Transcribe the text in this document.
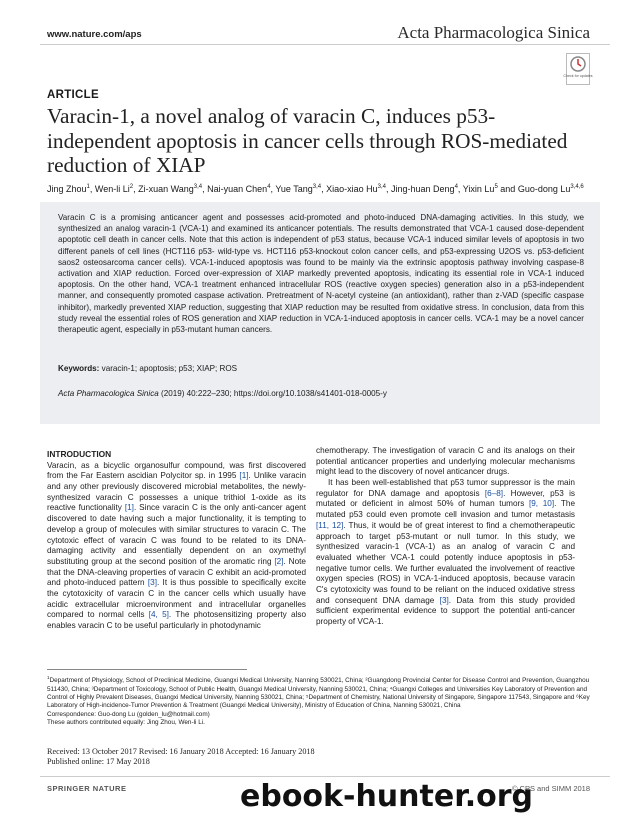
www.nature.com/aps	Acta Pharmacologica Sinica
Check for updates
ARTICLE
Varacin-1, a novel analog of varacin C, induces p53-independent apoptosis in cancer cells through ROS-mediated reduction of XIAP
Jing Zhou$^1$, Wen-li Li$^2$, Zi-xuan Wang$^{3,4}$, Nai-yuan Chen$^4$, Yue Tang$^{3,4}$, Xiao-xiao Hu$^{3,4}$, Jing-huan Deng$^4$, Yixin Lu$^5$ and Guo-dong Lu$^{3,4,6}$
Varacin C is a promising anticancer agent and possesses acid-promoted and photo-induced DNA-damaging activities. In this study, we synthesized an analog varacin-1 (VCA-1) and examined its anticancer potentials. The results demonstrated that VCA-1 caused dose-dependent apoptotic cell death in cancer cells. Note that this action is independent of p53 status, because VCA-1 induced similar levels of apoptosis in two different panels of cell lines (HCT116 p53- wild-type vs. HCT116 p53-knockout colon cancer cells, and p53-expressing U2OS vs. p53-deficient saos2 osteosarcoma cancer cells). VCA-1-induced apoptosis was found to be mainly via the extrinsic apoptosis pathway involving caspase-8 activation and XIAP reduction. Forced over-expression of XIAP markedly prevented apoptosis, indicating its essential role in VCA-1 induced apoptosis. On the other hand, VCA-1 treatment enhanced intracellular ROS (reactive oxygen species) generation also in a p53-independent manner, and consequently promoted caspase activation. Pretreatment of N-acetyl cysteine (an antioxidant), rather than z-VAD (specific caspase inhibitor), markedly prevented XIAP reduction, suggesting that XIAP reduction may be resulted from oxidative stress. In conclusion, data from this study reveal the essential roles of ROS generation and XIAP reduction in VCA-1-induced apoptosis in cancer cells. VCA-1 may be a novel cancer therapeutic agent, especially in p53-mutant human cancers.
Keywords: varacin-1; apoptosis; p53; XIAP; ROS
Acta Pharmacologica Sinica (2019) 40:222–230; https://doi.org/10.1038/s41401-018-0005-y
INTRODUCTION
Varacin, as a bicyclic organosulfur compound, was first discovered from the Far Eastern ascidian Polycitor sp. in 1995 [1]. Unlike varacin and any other previously discovered microbial metabolites, the newly-synthesized varacin C possesses a unique trithiol 1-oxide as its reactive functionality [1]. Since varacin C is the only anti-cancer agent discovered to date having such a major functionality, it is tempting to develop a group of molecules with similar structures to varacin C. The cytotoxic effect of varacin C was found to be related to its DNA-damaging activity and essentially dependent on an oxymethyl substituting group at the second position of the aromatic ring [2]. Note that the DNA-cleaving properties of varacin C exhibit an acid-promoted and photo-induced pattern [3]. It is thus possible to specifically excite the cytotoxicity of varacin C in the cancer cells which usually have acidic extracellular microenvironment and intracellular organelles compared to normal cells [4, 5]. The photosensitizing property also enables varacin C to be useful particularly in photodynamic
chemotherapy. The investigation of varacin C and its analogs on their potential anticancer properties and underlying molecular mechanisms might lead to the discovery of novel anticancer drugs.
It has been well-established that p53 tumor suppressor is the main regulator for DNA damage and apoptosis [6–8]. However, p53 is mutated or deficient in almost 50% of human tumors [9, 10]. The mutated p53 could even promote cell invasion and tumor metastasis [11, 12]. Thus, it would be of great interest to find a chemotherapeutic approach to target p53-mutant or null tumor. In this study, we synthesized varacin-1 (VCA-1) as an analog of varacin C and evaluated whether VCA-1 could potently induce apoptosis in p53-negative tumor cells. We further evaluated the involvement of reactive oxygen species (ROS) in VCA-1-induced apoptosis, because varacin C's cytotoxicity was found to be reliant on the induced oxidative stress and consequent DNA damage [3]. Data from this study provided sufficient experimental evidence to support the potential anti-cancer property of VCA-1.
$^1$Department of Physiology, School of Preclinical Medicine, Guangxi Medical University, Nanning 530021, China; ²Guangdong Provincial Center for Disease Control and Prevention, Guangzhou 511430, China; ³Department of Toxicology, School of Public Health, Guangxi Medical University, Nanning 530021, China; ⁴Guangxi Colleges and Universities Key Laboratory of Prevention and Control of Highly Prevalent Diseases, Guangxi Medical University, Nanning 530021, China; ⁵Department of Chemistry, National University of Singapore, Singapore 117543, Singapore and ⁶Key Laboratory of High-incidence-Tumor Prevention & Treatment (Guangxi Medical University), Ministry of Education of China, Nanning 530021, China
Correspondence: Guo-dong Lu (golden_lu@hotmail.com)
These authors contributed equally: Jing Zhou, Wen-li Li.
Received: 13 October 2017 Revised: 16 January 2018 Accepted: 16 January 2018
Published online: 17 May 2018
SPRINGER NATURE	© CPS and SIMM 2018
ebook-hunter.org
